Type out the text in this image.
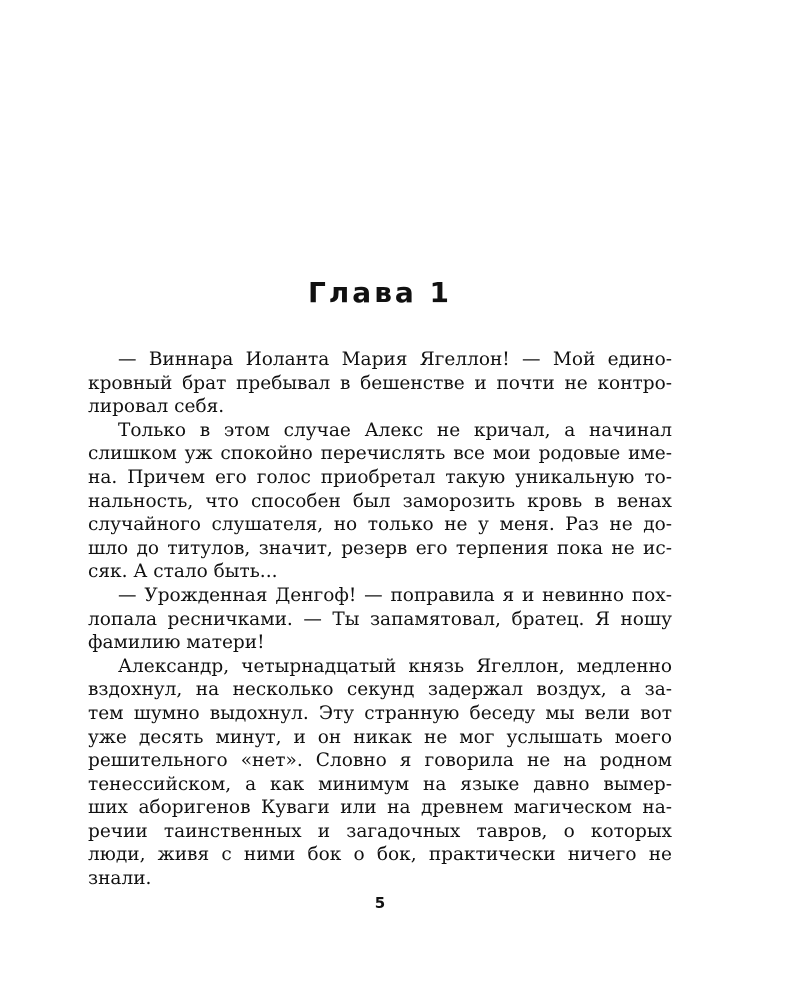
Глава 1
— Виннара Иоланта Мария Ягеллон! — Мой едино-
кровный брат пребывал в бешенстве и почти не контро-
лировал себя.
Только в этом случае Алекс не кричал, а начинал
слишком уж спокойно перечислять все мои родовые име-
на. Причем его голос приобретал такую уникальную то-
нальность, что способен был заморозить кровь в венах
случайного слушателя, но только не у меня. Раз не до-
шло до титулов, значит, резерв его терпения пока не ис-
сяк. А стало быть...
— Урожденная Денгоф! — поправила я и невинно пох-
лопала ресничками. — Ты запамятовал, братец. Я ношу
фамилию матери!
Александр, четырнадцатый князь Ягеллон, медленно
вздохнул, на несколько секунд задержал воздух, а за-
тем шумно выдохнул. Эту странную беседу мы вели вот
уже десять минут, и он никак не мог услышать моего
решительного «нет». Словно я говорила не на родном
тенессийском, а как минимум на языке давно вымер-
ших аборигенов Куваги или на древнем магическом на-
речии таинственных и загадочных тавров, о которых
люди, живя с ними бок о бок, практически ничего не
знали.
5
